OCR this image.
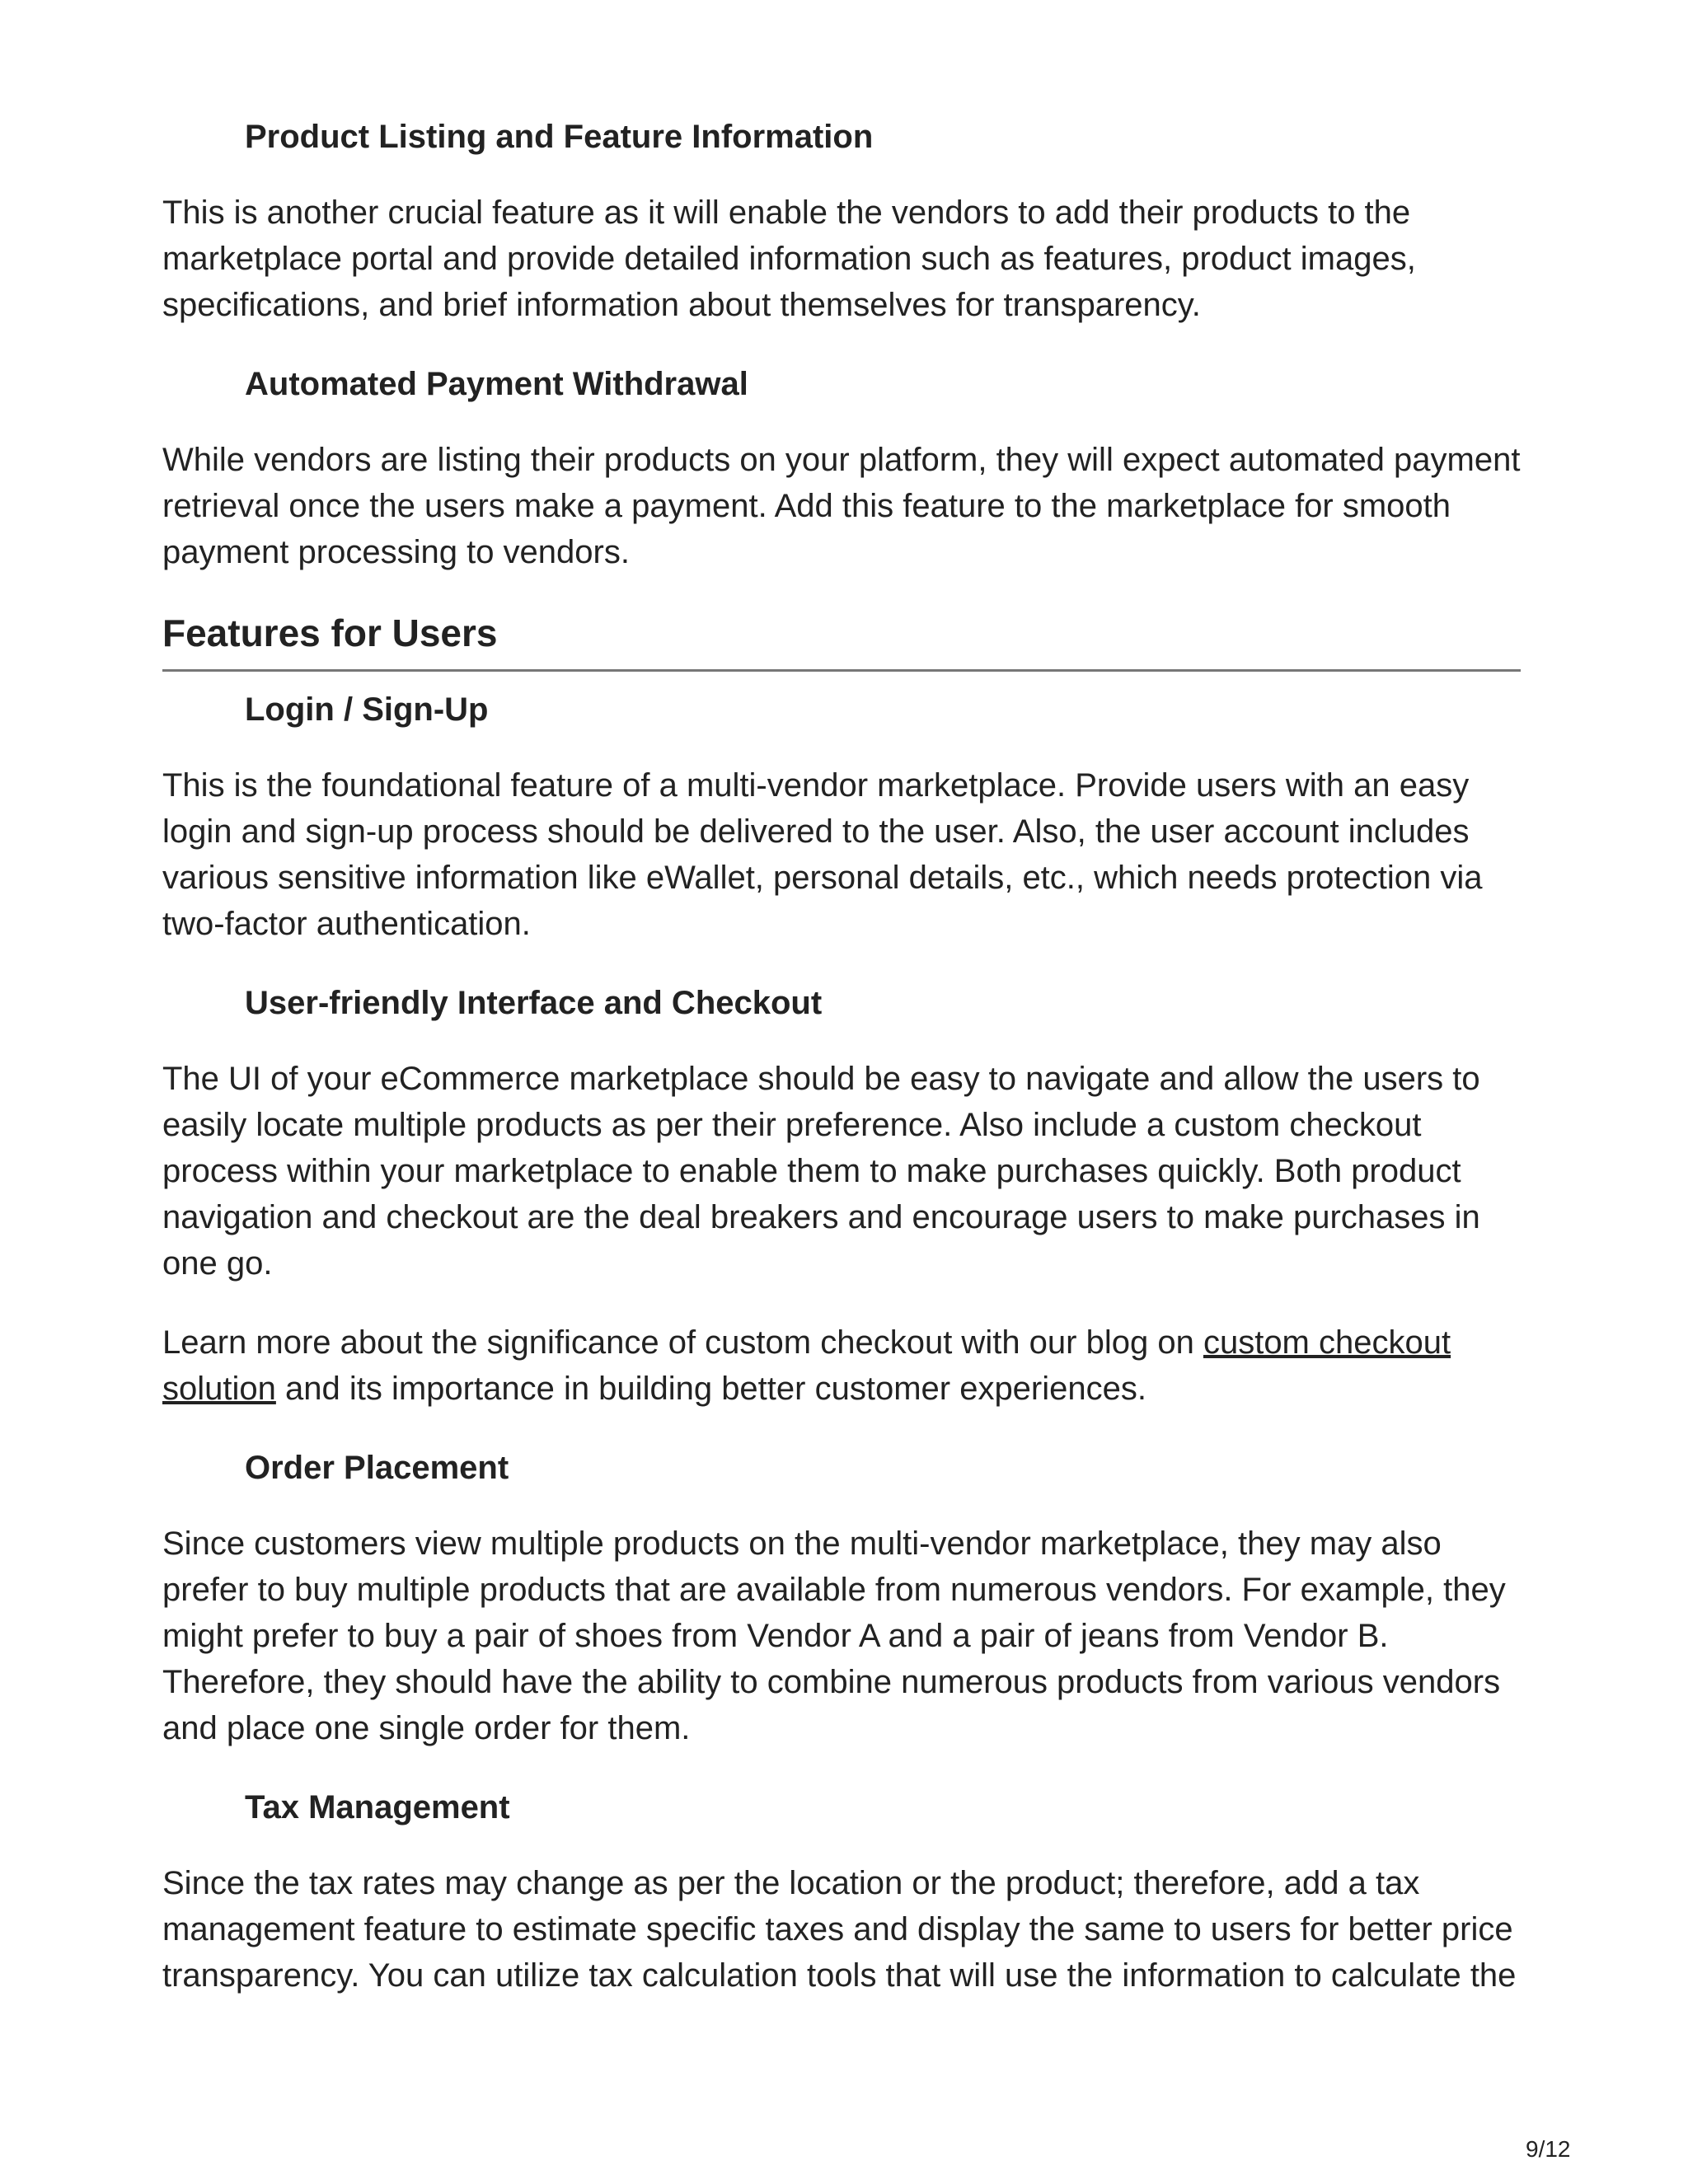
Product Listing and Feature Information

This is another crucial feature as it will enable the vendors to add their products to the marketplace portal and provide detailed information such as features, product images, specifications, and brief information about themselves for transparency.

Automated Payment Withdrawal

While vendors are listing their products on your platform, they will expect automated payment retrieval once the users make a payment. Add this feature to the marketplace for smooth payment processing to vendors.

Features for Users
Login / Sign-Up

This is the foundational feature of a multi-vendor marketplace. Provide users with an easy login and sign-up process should be delivered to the user. Also, the user account includes various sensitive information like eWallet, personal details, etc., which needs protection via two-factor authentication.

User-friendly Interface and Checkout

The UI of your eCommerce marketplace should be easy to navigate and allow the users to easily locate multiple products as per their preference. Also include a custom checkout process within your marketplace to enable them to make purchases quickly. Both product navigation and checkout are the deal breakers and encourage users to make purchases in one go.

Learn more about the significance of custom checkout with our blog on custom checkout solution and its importance in building better customer experiences.

Order Placement

Since customers view multiple products on the multi-vendor marketplace, they may also prefer to buy multiple products that are available from numerous vendors. For example, they might prefer to buy a pair of shoes from Vendor A and a pair of jeans from Vendor B. Therefore, they should have the ability to combine numerous products from various vendors and place one single order for them.

Tax Management

Since the tax rates may change as per the location or the product; therefore, add a tax management feature to estimate specific taxes and display the same to users for better price transparency. You can utilize tax calculation tools that will use the information to calculate the

9/12
